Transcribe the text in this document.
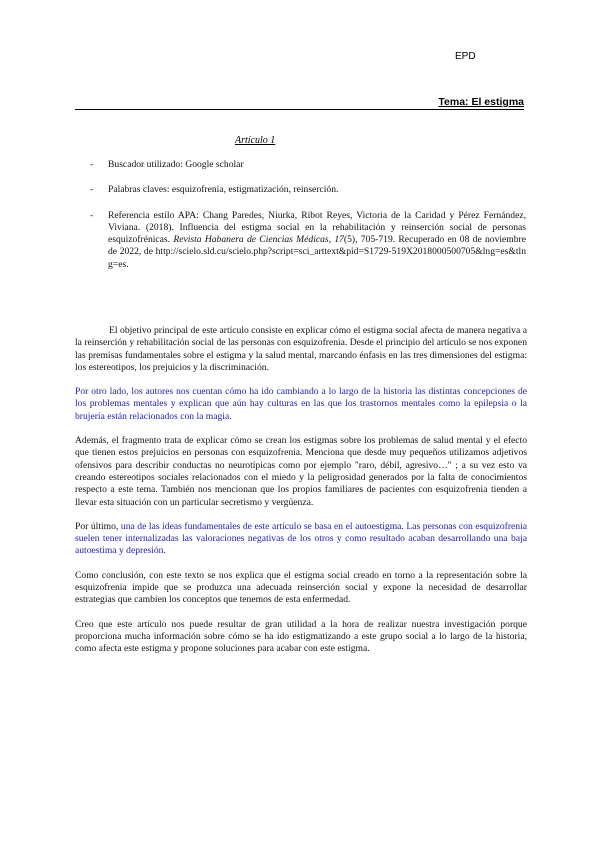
EPD
Tema: El estigma
Artículo 1
-	Buscador utilizado: Google scholar
-	Palabras claves: esquizofrenia, estigmatización, reinserción.
-	Referencia estilo APA: Chang Paredes, Niurka, Ribot Reyes, Victoria de la Caridad y Pérez Fernández, Viviana. (2018). Influencia del estigma social en la rehabilitación y reinserción social de personas esquizofrénicas. Revista Habanera de Ciencias Médicas, 17(5), 705-719. Recuperado en 08 de noviembre de 2022, de http://scielo.sld.cu/scielo.php?script=sci_arttext&pid=S1729-519X2018000500705&lng=es&tlng=es.

El objetivo principal de este artículo consiste en explicar cómo el estigma social afecta de manera negativa a la reinserción y rehabilitación social de las personas con esquizofrenia. Desde el principio del artículo se nos exponen las premisas fundamentales sobre el estigma y la salud mental, marcando énfasis en las tres dimensiones del estigma: los estereotipos, los prejuicios y la discriminación.

Por otro lado, los autores nos cuentan cómo ha ido cambiando a lo largo de la historia las distintas concepciones de los problemas mentales y explican que aún hay culturas en las que los trastornos mentales como la epilepsia o la brujería están relacionados con la magia.

Además, el fragmento trata de explicar cómo se crean los estigmas sobre los problemas de salud mental y el efecto que tienen estos prejuicios en personas con esquizofrenia. Menciona que desde muy pequeños utilizamos adjetivos ofensivos para describir conductas no neurotípicas como por ejemplo "raro, débil, agresivo…" ; a su vez esto va creando estereotipos sociales relacionados con el miedo y la peligrosidad generados por la falta de conocimientos respecto a este tema. También nos mencionan que los propios familiares de pacientes con esquizofrenia tienden a llevar esta situación con un particular secretismo y vergüenza.

Por último, una de las ideas fundamentales de este artículo se basa en el autoestigma. Las personas con esquizofrenia suelen tener internalizadas las valoraciones negativas de los otros y como resultado acaban desarrollando una baja autoestima y depresión.

Como conclusión, con este texto se nos explica que el estigma social creado en torno a la representación sobre la esquizofrenia impide que se produzca una adecuada reinserción social y expone la necesidad de desarrollar estrategias que cambien los conceptos que tenemos de esta enfermedad.

Creo que este artículo nos puede resultar de gran utilidad a la hora de realizar nuestra investigación porque proporciona mucha información sobre cómo se ha ido estigmatizando a este grupo social a lo largo de la historia, como afecta este estigma y propone soluciones para acabar con este estigma.
